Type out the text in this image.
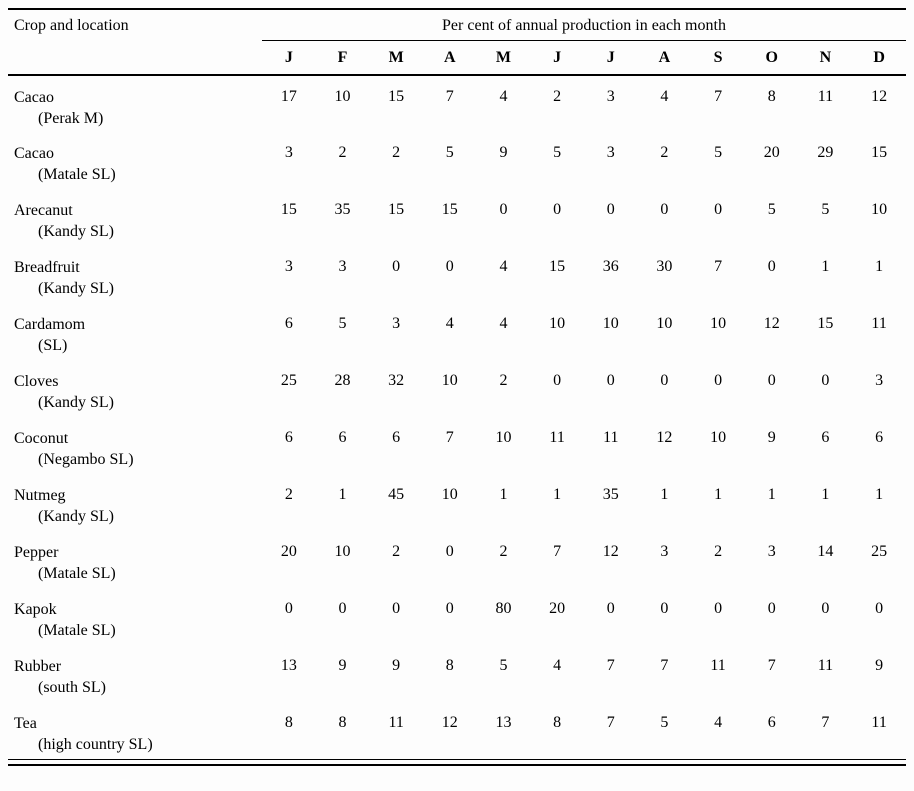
Crop and location	Per cent of annual production in each month											
	J	F	M	A	M	J	J	A	S	O	N	D

Cacao
(Perak M)	17	10	15	7	4	2	3	4	7	8	11	12

Cacao
(Matale SL)	3	2	2	5	9	5	3	2	5	20	29	15

Arecanut
(Kandy SL)	15	35	15	15	0	0	0	0	0	5	5	10

Breadfruit
(Kandy SL)	3	3	0	0	4	15	36	30	7	0	1	1

Cardamom
(SL)	6	5	3	4	4	10	10	10	10	12	15	11

Cloves
(Kandy SL)	25	28	32	10	2	0	0	0	0	0	0	3

Coconut
(Negambo SL)	6	6	6	7	10	11	11	12	10	9	6	6

Nutmeg
(Kandy SL)	2	1	45	10	1	1	35	1	1	1	1	1

Pepper
(Matale SL)	20	10	2	0	2	7	12	3	2	3	14	25

Kapok
(Matale SL)	0	0	0	0	80	20	0	0	0	0	0	0

Rubber
(south SL)	13	9	9	8	5	4	7	7	11	7	11	9

Tea
(high country SL)	8	8	11	12	13	8	7	5	4	6	7	11
